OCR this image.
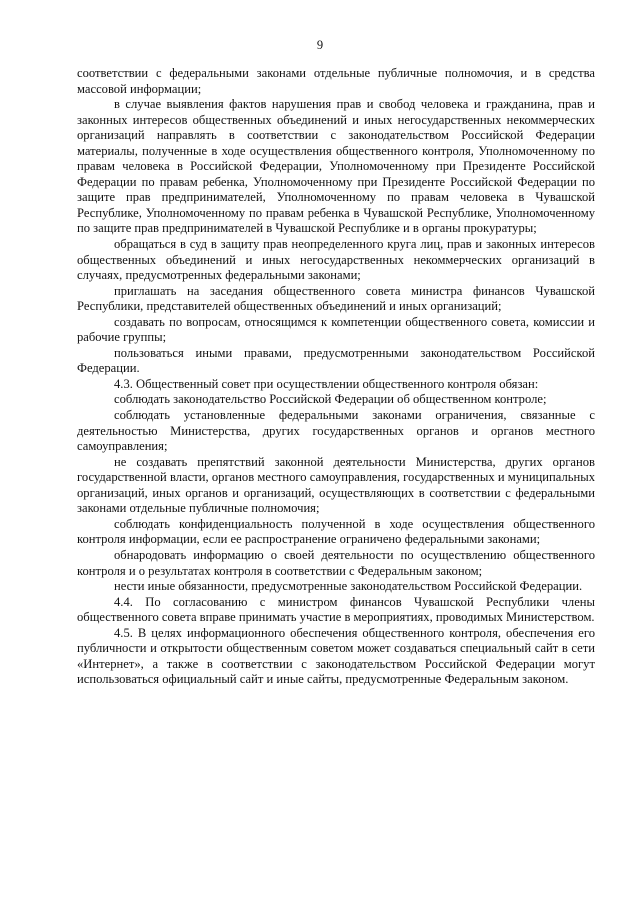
9

соответствии с федеральными законами отдельные публичные полномочия, и в средства массовой информации;

в случае выявления фактов нарушения прав и свобод человека и гражданина, прав и законных интересов общественных объединений и иных негосударственных некоммерческих организаций направлять в соответствии с законодательством Российской Федерации материалы, полученные в ходе осуществления общественного контроля, Уполномоченному по правам человека в Российской Федерации, Уполномоченному при Президенте Российской Федерации по правам ребенка, Уполномоченному при Президенте Российской Федерации по защите прав предпринимателей, Уполномоченному по правам человека в Чувашской Республике, Уполномоченному по правам ребенка в Чувашской Республике, Уполномоченному по защите прав предпринимателей в Чувашской Республике и в органы прокуратуры;

обращаться в суд в защиту прав неопределенного круга лиц, прав и законных интересов общественных объединений и иных негосударственных некоммерческих организаций в случаях, предусмотренных федеральными законами;

приглашать на заседания общественного совета министра финансов Чувашской Республики, представителей общественных объединений и иных организаций;

создавать по вопросам, относящимся к компетенции общественного совета, комиссии и рабочие группы;

пользоваться иными правами, предусмотренными законодательством Российской Федерации.

4.3. Общественный совет при осуществлении общественного контроля обязан:

соблюдать законодательство Российской Федерации об общественном контроле;

соблюдать установленные федеральными законами ограничения, связанные с деятельностью Министерства, других государственных органов и органов местного самоуправления;

не создавать препятствий законной деятельности Министерства, других органов государственной власти, органов местного самоуправления, государственных и муниципальных организаций, иных органов и организаций, осуществляющих в соответствии с федеральными законами отдельные публичные полномочия;

соблюдать конфиденциальность полученной в ходе осуществления общественного контроля информации, если ее распространение ограничено федеральными законами;

обнародовать информацию о своей деятельности по осуществлению общественного контроля и о результатах контроля в соответствии с Федеральным законом;

нести иные обязанности, предусмотренные законодательством Российской Федерации.

4.4. По согласованию с министром финансов Чувашской Республики члены общественного совета вправе принимать участие в мероприятиях, проводимых Министерством.

4.5. В целях информационного обеспечения общественного контроля, обеспечения его публичности и открытости общественным советом может создаваться специальный сайт в сети «Интернет», а также в соответствии с законодательством Российской Федерации могут использоваться официальный сайт и иные сайты, предусмотренные Федеральным законом.
